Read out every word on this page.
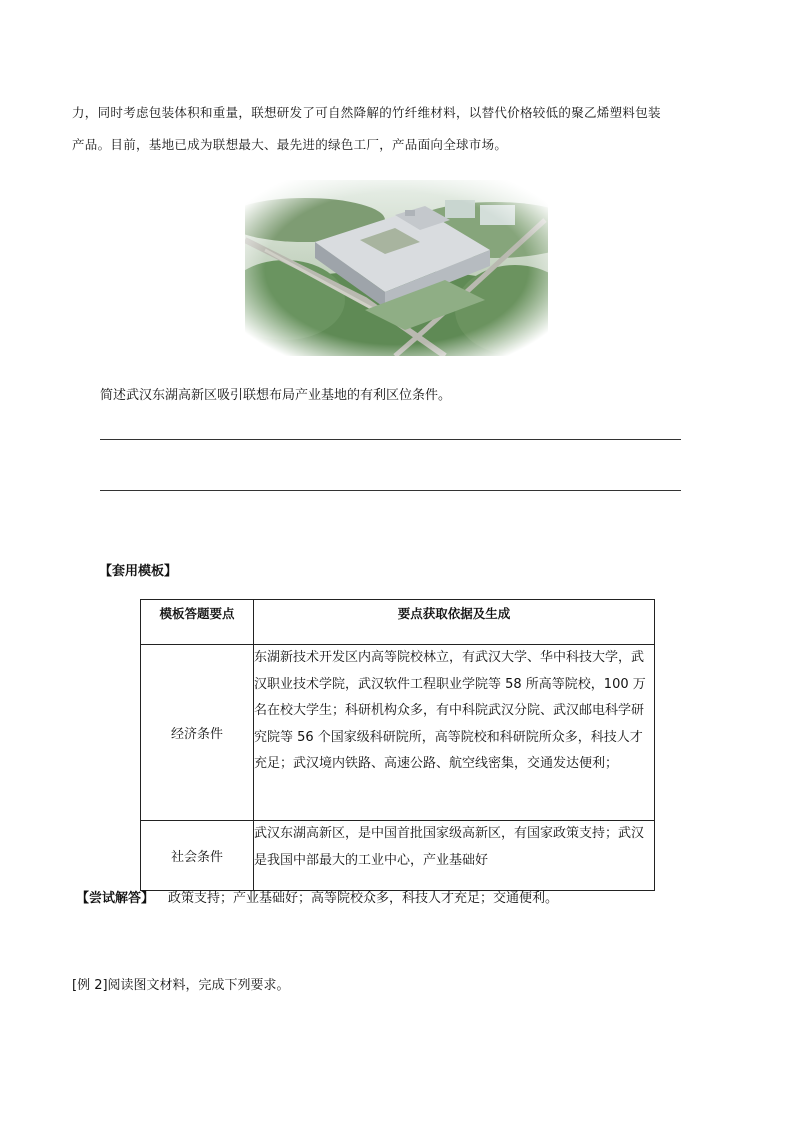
力，同时考虑包装体积和重量，联想研发了可自然降解的竹纤维材料，以替代价格较低的聚乙烯塑料包装
产品。目前，基地已成为联想最大、最先进的绿色工厂，产品面向全球市场。
简述武汉东湖高新区吸引联想布局产业基地的有利区位条件。
【套用模板】
模板答题要点	要点获取依据及生成
经济条件	东湖新技术开发区内高等院校林立，有武汉大学、华中科技大学，武汉职业技术学院，武汉软件工程职业学院等 58 所高等院校，100 万名在校大学生；科研机构众多，有中科院武汉分院、武汉邮电科学研究院等 56 个国家级科研院所，高等院校和科研院所众多，科技人才充足；武汉境内铁路、高速公路、航空线密集，交通发达便利；
社会条件	武汉东湖高新区，是中国首批国家级高新区，有国家政策支持；武汉是我国中部最大的工业中心，产业基础好
【尝试解答】 政策支持；产业基础好；高等院校众多，科技人才充足；交通便利。
[例 2]阅读图文材料，完成下列要求。
